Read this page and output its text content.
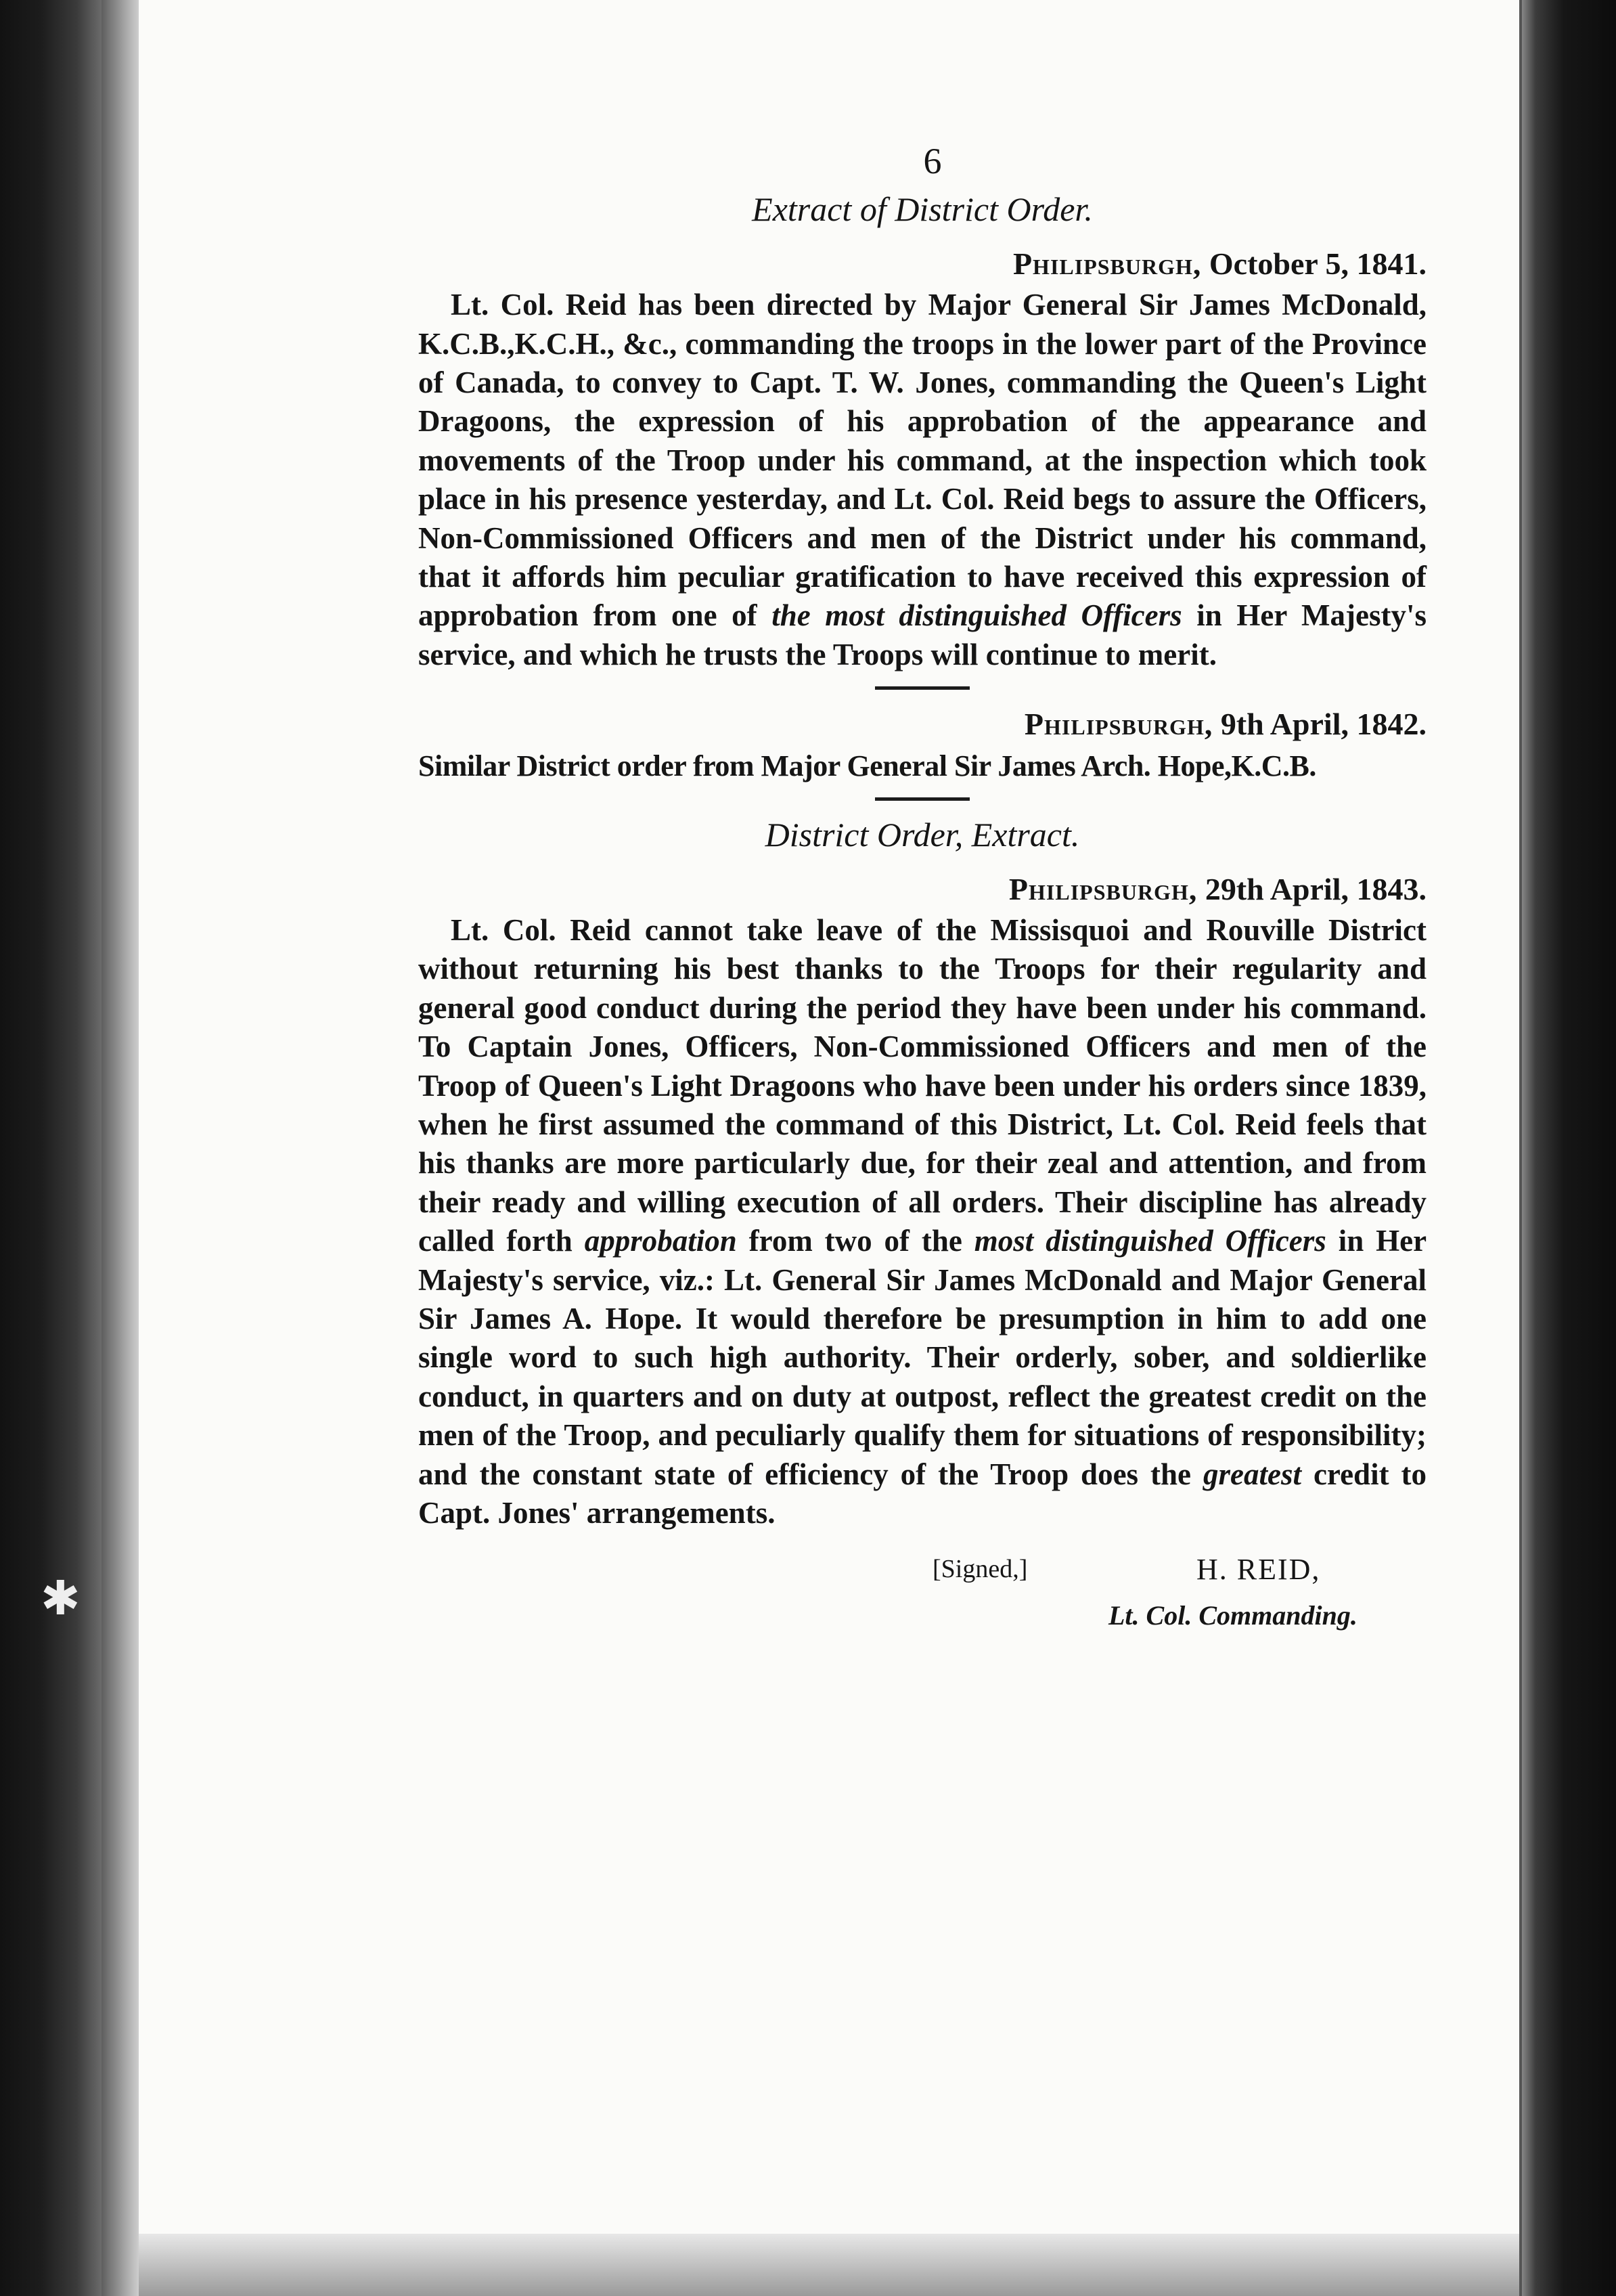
✱
6
Extract of District Order.
Philipsburgh, October 5, 1841.

Lt. Col. Reid has been directed by Major General Sir James McDonald, K.C.B.,K.C.H., &c., commanding the troops in the lower part of the Province of Canada, to convey to Capt. T. W. Jones, commanding the Queen's Light Dragoons, the expression of his approbation of the appearance and movements of the Troop under his command, at the inspection which took place in his presence yesterday, and Lt. Col. Reid begs to assure the Officers, Non-Commissioned Officers and men of the District under his command, that it affords him peculiar gratification to have received this expression of approbation from one of the most distinguished Officers in Her Majesty's service, and which he trusts the Troops will continue to merit.

Philipsburgh, 9th April, 1842.
Similar District order from Major General Sir James Arch. Hope,K.C.B.
District Order, Extract.
Philipsburgh, 29th April, 1843.

Lt. Col. Reid cannot take leave of the Missisquoi and Rouville District without returning his best thanks to the Troops for their regularity and general good conduct during the period they have been under his command. To Captain Jones, Officers, Non-Commissioned Officers and men of the Troop of Queen's Light Dragoons who have been under his orders since 1839, when he first assumed the command of this District, Lt. Col. Reid feels that his thanks are more particularly due, for their zeal and attention, and from their ready and willing execution of all orders. Their discipline has already called forth approbation from two of the most distinguished Officers in Her Majesty's service, viz.: Lt. General Sir James McDonald and Major General Sir James A. Hope. It would therefore be presumption in him to add one single word to such high authority. Their orderly, sober, and soldierlike conduct, in quarters and on duty at outpost, reflect the greatest credit on the men of the Troop, and peculiarly qualify them for situations of responsibility; and the constant state of efficiency of the Troop does the greatest credit to Capt. Jones' arrangements.

[Signed,]	H. REID,
Lt. Col. Commanding.
